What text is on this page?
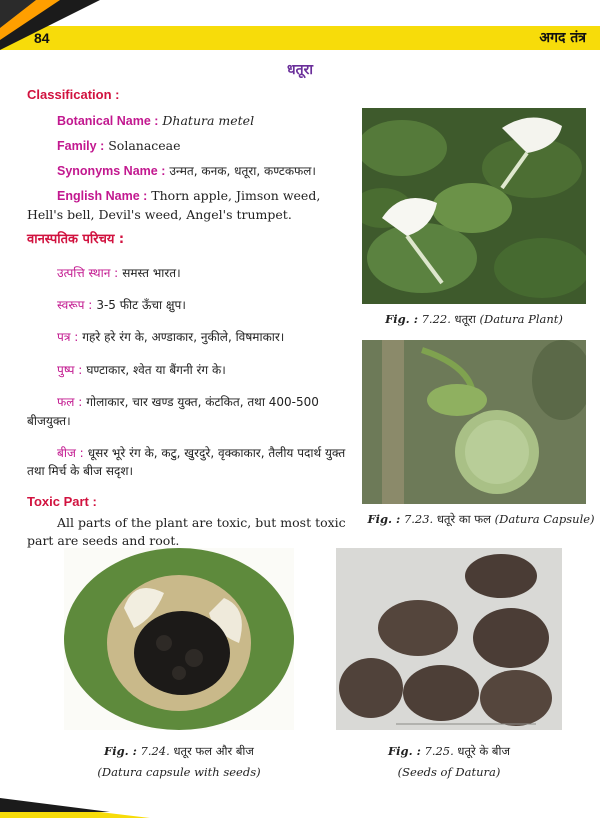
84	अगद तंत्र
धतूरा
Classification :
Botanical Name : Dhatura metel
Family : Solanaceae
Synonyms Name : उन्मत, कनक, धतूरा, कण्टकफल।
English Name : Thorn apple, Jimson weed, Hell's bell, Devil's weed, Angel's trumpet.
वानस्पतिक परिचय :
उत्पत्ति स्थान : समस्त भारत।
स्वरूप : 3-5 फीट ऊँचा क्षुप।
पत्र : गहरे हरे रंग के, अण्डाकार, नुकीले, विषमाकार।
पुष्प : घण्टाकार, श्वेत या बैंगनी रंग के।
फल : गोलाकार, चार खण्ड युक्त, कंटकित, तथा 400-500 बीजयुक्त।
बीज : धूसर भूरे रंग के, कटु, खुरदुरे, वृक्काकार, तैलीय पदार्थ युक्त तथा मिर्च के बीज सदृश।
Toxic Part :
All parts of the plant are toxic, but most toxic part are seeds and root.
Fig. : 7.22. धतूरा (Datura Plant)
Fig. : 7.23. धतूरे का फल (Datura Capsule)
Fig. : 7.24. धतूर फल और बीज
(Datura capsule with seeds)
Fig. : 7.25. धतूरे के बीज
(Seeds of Datura)
